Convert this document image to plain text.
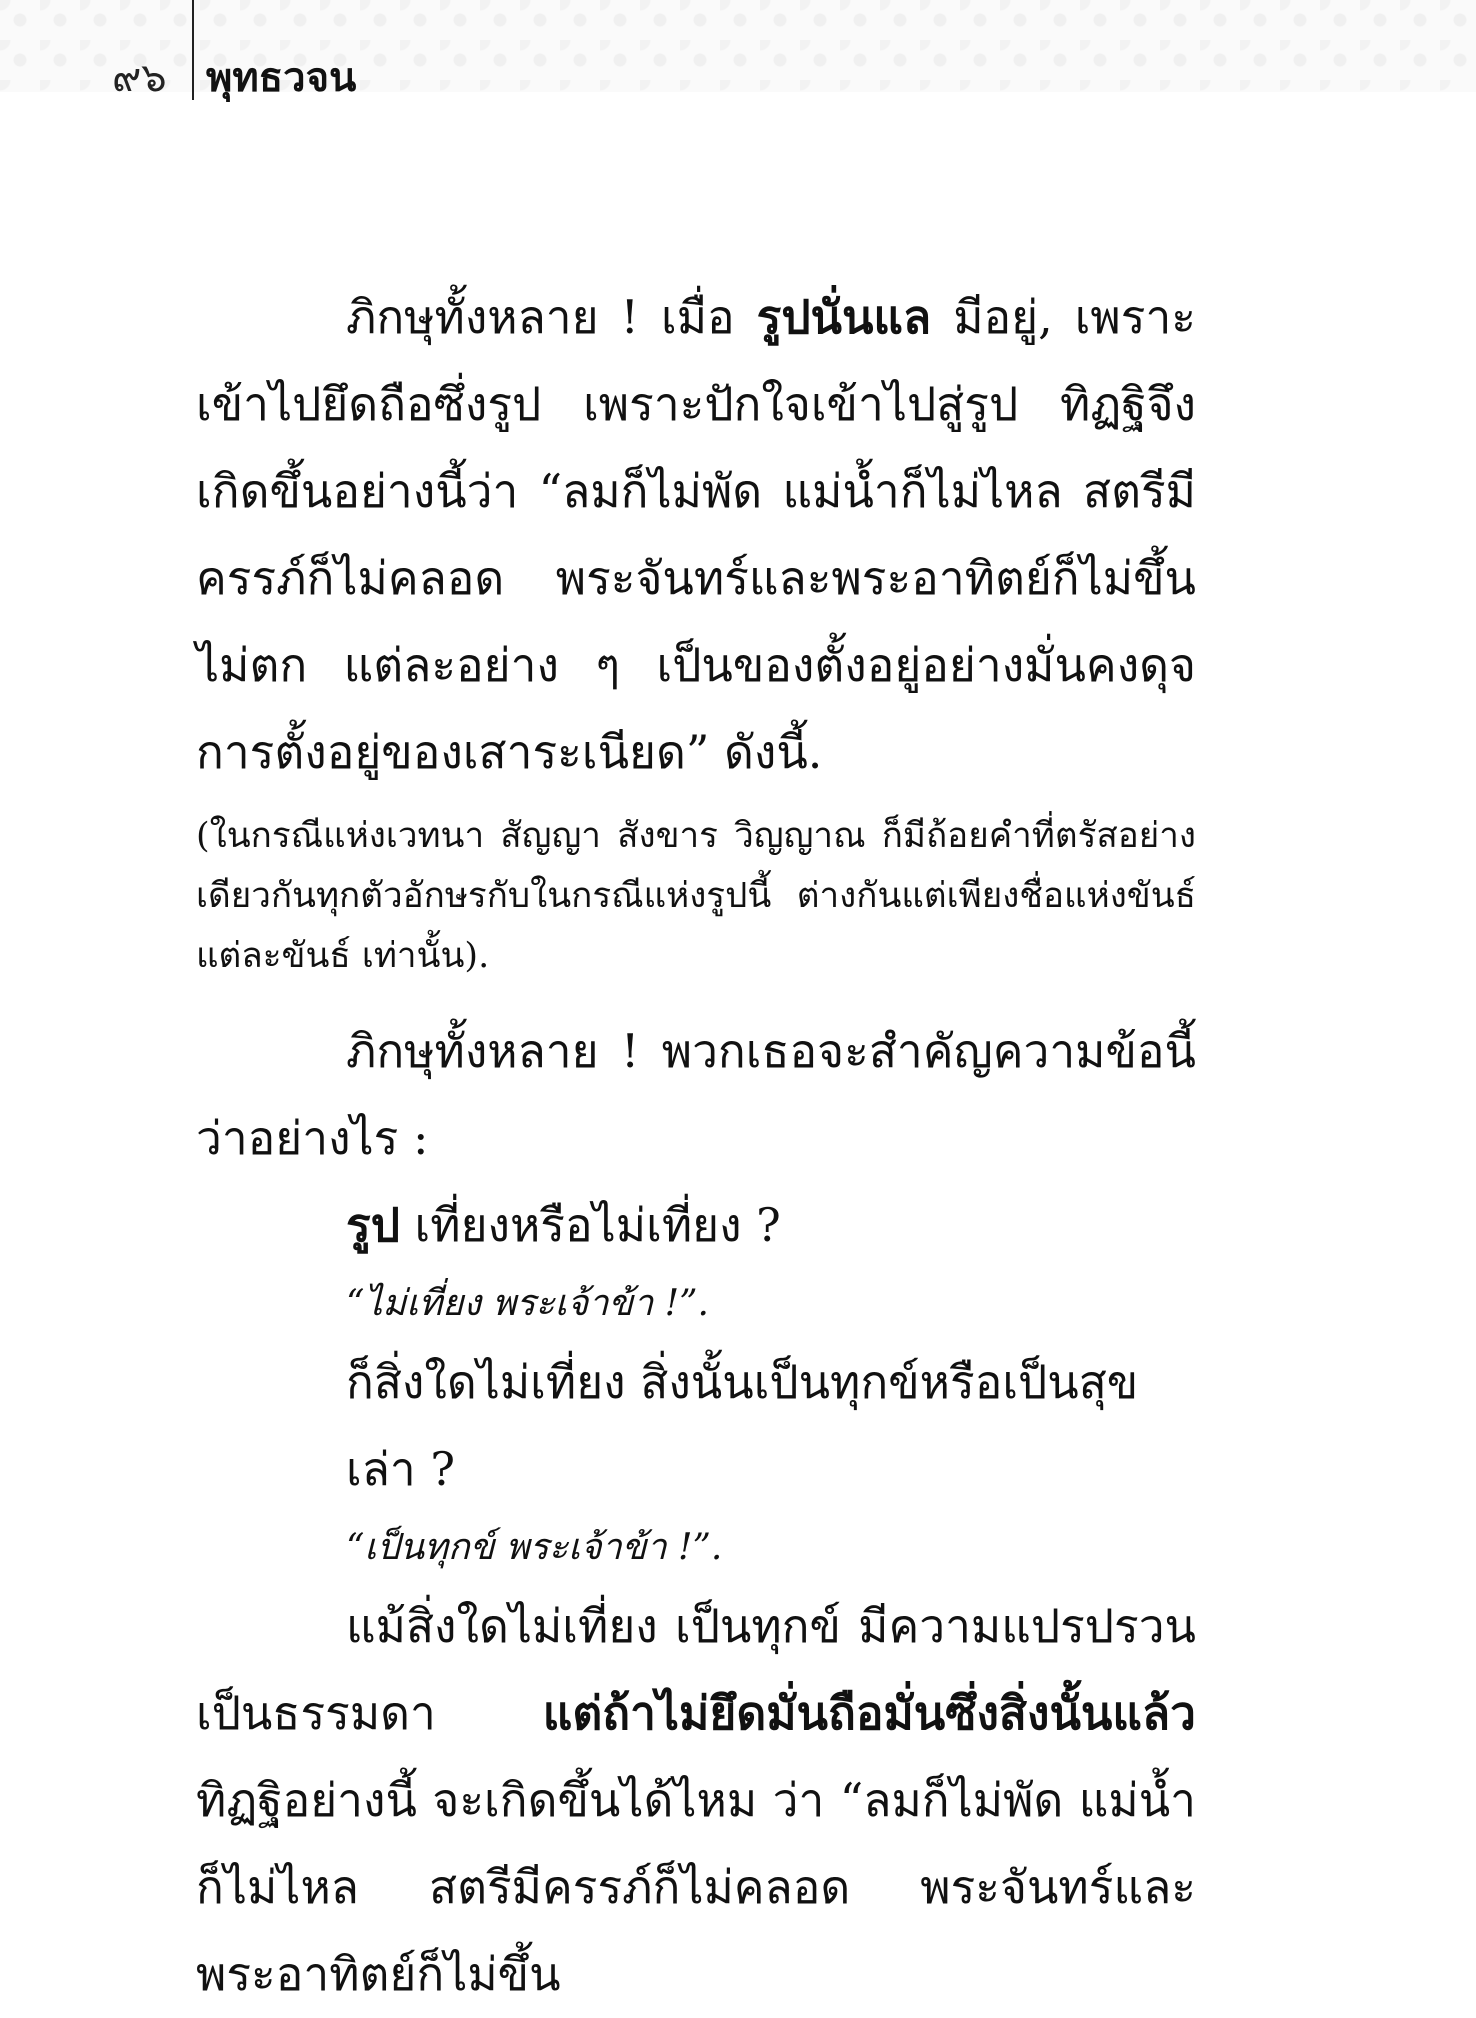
๙๖ พุทธวจน

ภิกษุทั้งหลาย ! เมื่อ รูปนั่นแล มีอยู่, เพราะเข้าไปยึดถือซึ่งรูป เพราะปักใจเข้าไปสู่รูป ทิฏฐิจึงเกิดขึ้นอย่างนี้ว่า “ลมก็ไม่พัด แม่น้ำก็ไม่ไหล สตรีมีครรภ์ก็ไม่คลอด พระจันทร์และพระอาทิตย์ก็ไม่ขึ้นไม่ตก แต่ละอย่าง ๆ เป็นของตั้งอยู่อย่างมั่นคงดุจการตั้งอยู่ของเสาระเนียด” ดังนี้.

(ในกรณีแห่งเวทนา สัญญา สังขาร วิญญาณ ก็มีถ้อยคำที่ตรัสอย่างเดียวกันทุกตัวอักษรกับในกรณีแห่งรูปนี้ ต่างกันแต่เพียงชื่อแห่งขันธ์แต่ละขันธ์ เท่านั้น).

ภิกษุทั้งหลาย ! พวกเธอจะสำคัญความข้อนี้ว่าอย่างไร :

รูป เที่ยงหรือไม่เที่ยง ?

“ไม่เที่ยง พระเจ้าข้า !”.

ก็สิ่งใดไม่เที่ยง สิ่งนั้นเป็นทุกข์หรือเป็นสุขเล่า ?

“เป็นทุกข์ พระเจ้าข้า !”.

แม้สิ่งใดไม่เที่ยง เป็นทุกข์ มีความแปรปรวนเป็นธรรมดา แต่ถ้าไม่ยึดมั่นถือมั่นซึ่งสิ่งนั้นแล้ว ทิฏฐิอย่างนี้ จะเกิดขึ้นได้ไหม ว่า “ลมก็ไม่พัด แม่น้ำก็ไม่ไหล สตรีมีครรภ์ก็ไม่คลอด พระจันทร์และพระอาทิตย์ก็ไม่ขึ้น
